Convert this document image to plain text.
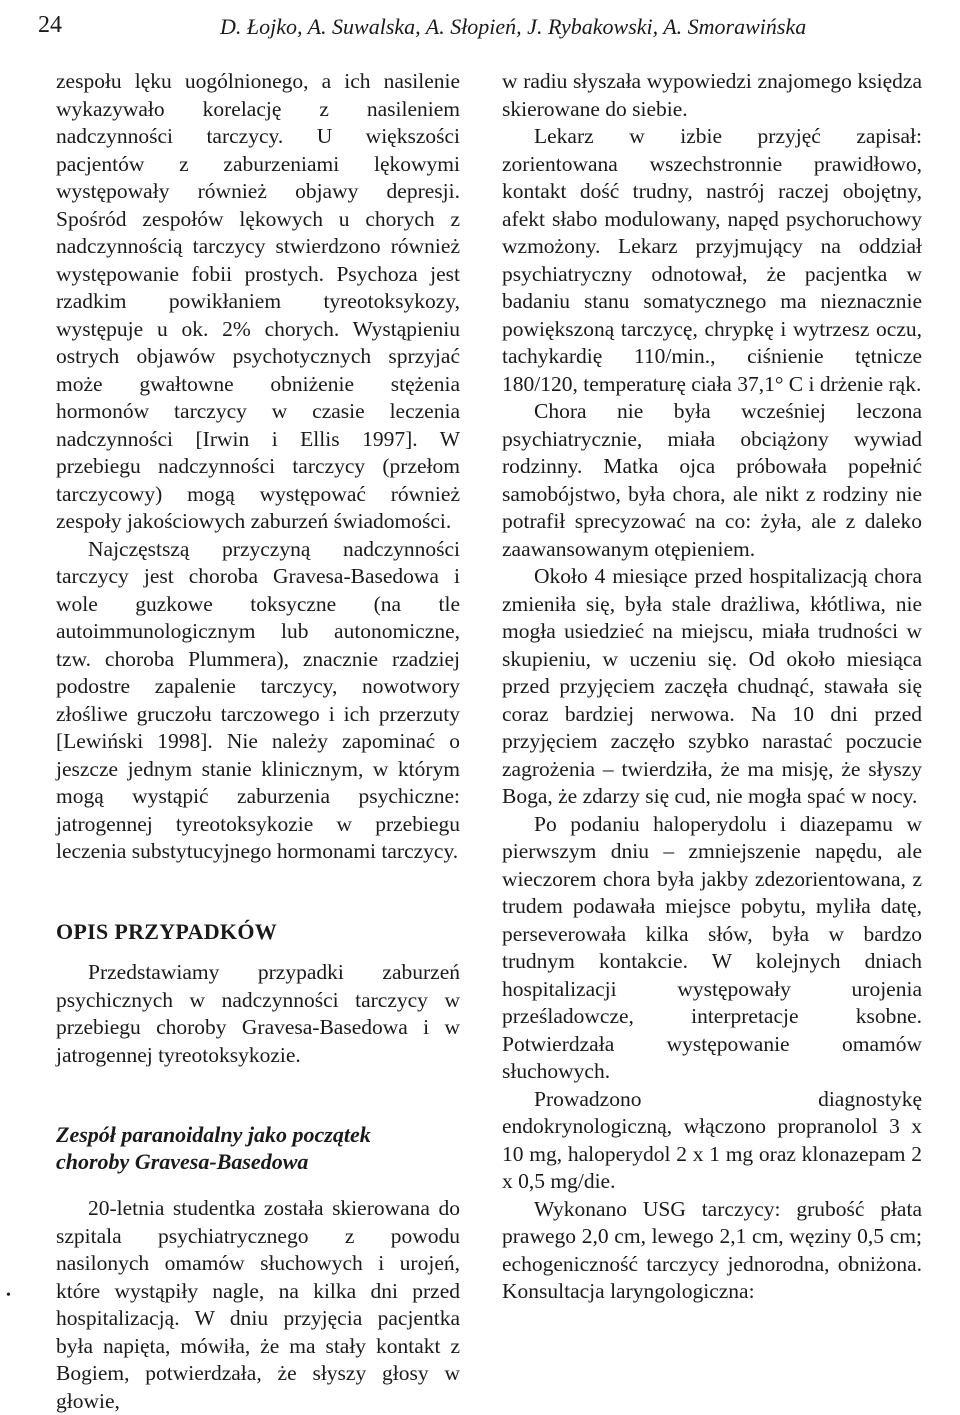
24	D. Łojko, A. Suwalska, A. Słopień, J. Rybakowski, A. Smorawińska

zespołu lęku uogólnionego, a ich nasilenie wykazywało korelację z nasileniem nadczynności tarczycy. U większości pacjentów z zaburzeniami lękowymi występowały również objawy depresji. Spośród zespołów lękowych u chorych z nadczynnością tarczycy stwierdzono również występowanie fobii prostych. Psychoza jest rzadkim powikłaniem tyreotoksykozy, występuje u ok. 2% chorych. Wystąpieniu ostrych objawów psychotycznych sprzyjać może gwałtowne obniżenie stężenia hormonów tarczycy w czasie leczenia nadczynności [Irwin i Ellis 1997]. W przebiegu nadczynności tarczycy (przełom tarczycowy) mogą występować również zespoły jakościowych zaburzeń świadomości.

Najczęstszą przyczyną nadczynności tarczycy jest choroba Gravesa-Basedowa i wole guzkowe toksyczne (na tle autoimmunologicznym lub autonomiczne, tzw. choroba Plummera), znacznie rzadziej podostre zapalenie tarczycy, nowotwory złośliwe gruczołu tarczowego i ich przerzuty [Lewiński 1998]. Nie należy zapominać o jeszcze jednym stanie klinicznym, w którym mogą wystąpić zaburzenia psychiczne: jatrogennej tyreotoksykozie w przebiegu leczenia substytucyjnego hormonami tarczycy.

OPIS PRZYPADKÓW

Przedstawiamy przypadki zaburzeń psychicznych w nadczynności tarczycy w przebiegu choroby Gravesa-Basedowa i w jatrogennej tyreotoksykozie.

Zespół paranoidalny jako początek
choroby Gravesa-Basedowa

20-letnia studentka została skierowana do szpitala psychiatrycznego z powodu nasilonych omamów słuchowych i urojeń, które wystąpiły nagle, na kilka dni przed hospitalizacją. W dniu przyjęcia pacjentka była napięta, mówiła, że ma stały kontakt z Bogiem, potwierdzała, że słyszy głosy w głowie,

w radiu słyszała wypowiedzi znajomego księdza skierowane do siebie.

Lekarz w izbie przyjęć zapisał: zorientowana wszechstronnie prawidłowo, kontakt dość trudny, nastrój raczej obojętny, afekt słabo modulowany, napęd psychoruchowy wzmożony. Lekarz przyjmujący na oddział psychiatryczny odnotował, że pacjentka w badaniu stanu somatycznego ma nieznacznie powiększoną tarczycę, chrypkę i wytrzesz oczu, tachykardię 110/min., ciśnienie tętnicze 180/120, temperaturę ciała 37,1° C i drżenie rąk.

Chora nie była wcześniej leczona psychiatrycznie, miała obciążony wywiad rodzinny. Matka ojca próbowała popełnić samobójstwo, była chora, ale nikt z rodziny nie potrafił sprecyzować na co: żyła, ale z daleko zaawansowanym otępieniem.

Około 4 miesiące przed hospitalizacją chora zmieniła się, była stale drażliwa, kłótliwa, nie mogła usiedzieć na miejscu, miała trudności w skupieniu, w uczeniu się. Od około miesiąca przed przyjęciem zaczęła chudnąć, stawała się coraz bardziej nerwowa. Na 10 dni przed przyjęciem zaczęło szybko narastać poczucie zagrożenia – twierdziła, że ma misję, że słyszy Boga, że zdarzy się cud, nie mogła spać w nocy.

Po podaniu haloperydolu i diazepamu w pierwszym dniu – zmniejszenie napędu, ale wieczorem chora była jakby zdezorientowana, z trudem podawała miejsce pobytu, myliła datę, perseverowała kilka słów, była w bardzo trudnym kontakcie. W kolejnych dniach hospitalizacji występowały urojenia prześladowcze, interpretacje ksobne. Potwierdzała występowanie omamów słuchowych.

Prowadzono diagnostykę endokrynologiczną, włączono propranolol 3 x 10 mg, haloperydol 2 x 1 mg oraz klonazepam 2 x 0,5 mg/die.

Wykonano USG tarczycy: grubość płata prawego 2,0 cm, lewego 2,1 cm, węziny 0,5 cm; echogeniczność tarczycy jednorodna, obniżona. Konsultacja laryngologiczna:

•
